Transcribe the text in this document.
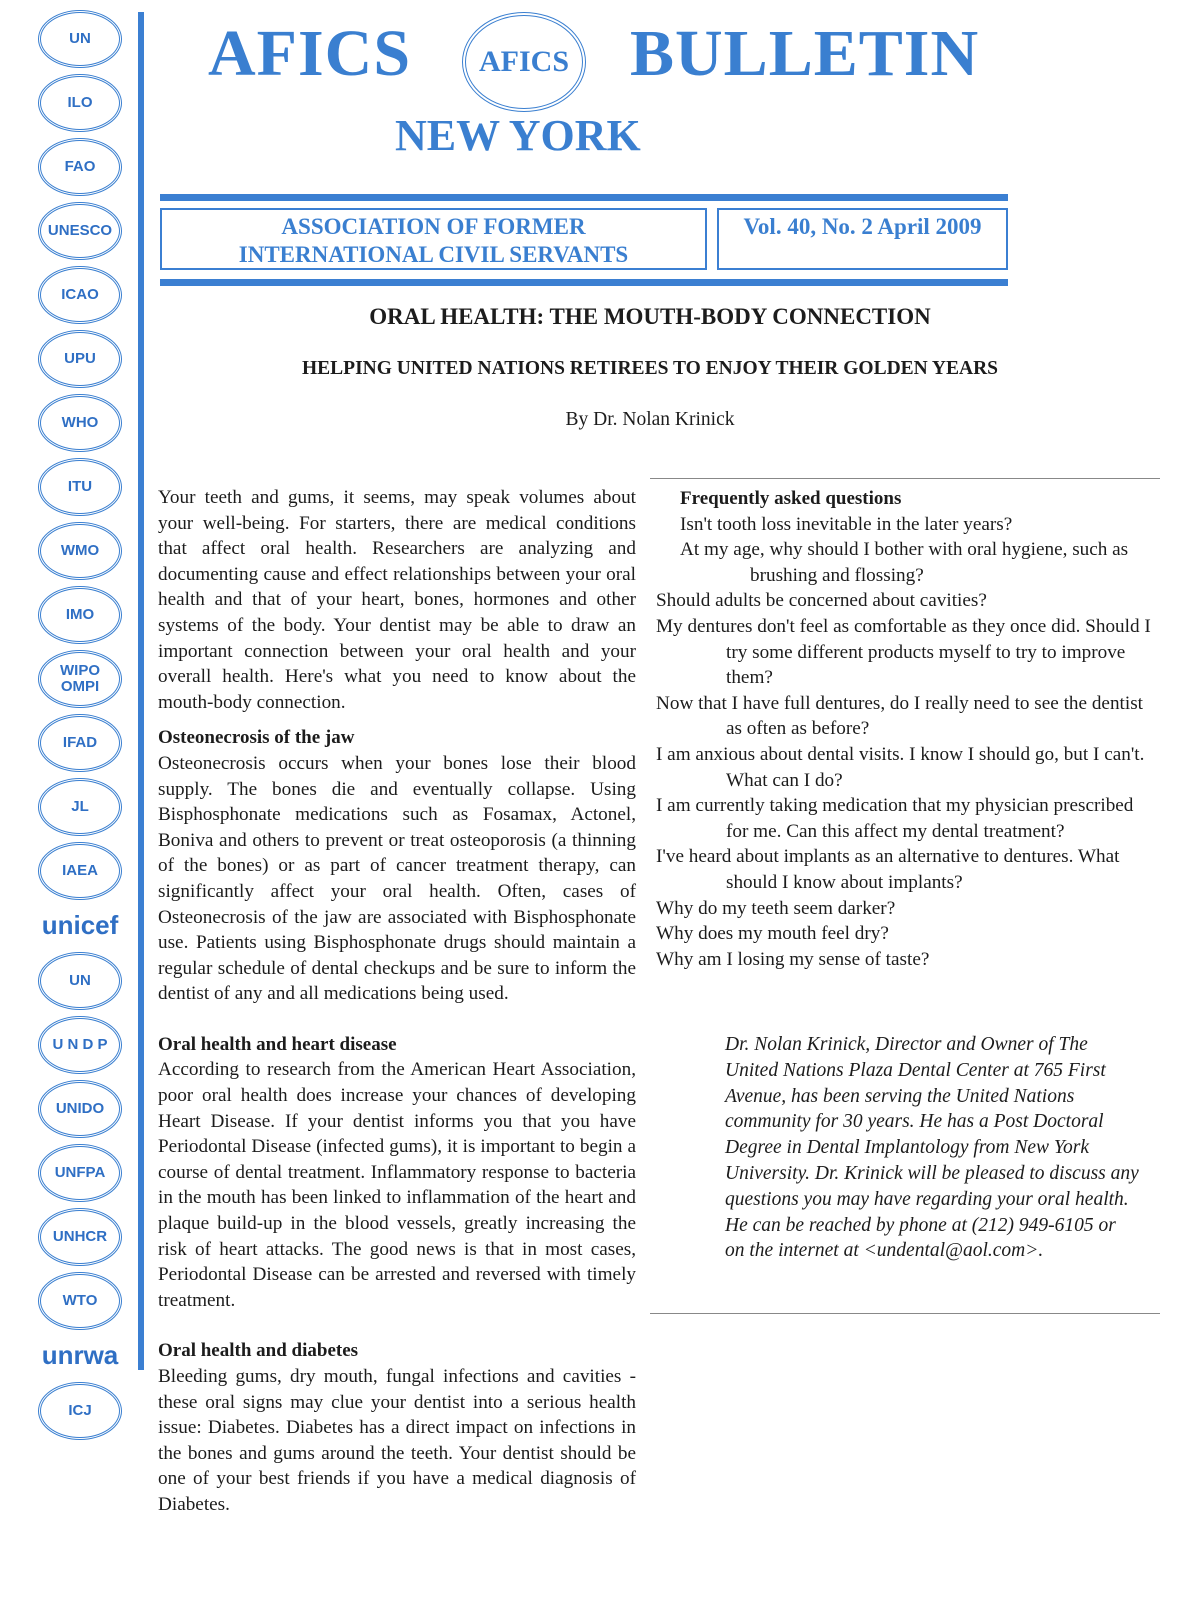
UN
ILO
FAO
UNESCO
ICAO
UPU
WHO
ITU
WMO
IMO
WIPO OMPI
IFAD
JL
IAEA
unicef
UN
U N D P
UNIDO
UNFPA
UNHCR
WTO
unrwa
ICJ
AFICS	AFICS BULLETIN
NEW YORK
ASSOCIATION OF FORMER INTERNATIONAL CIVIL SERVANTS
Vol. 40, No. 2 April 2009
ORAL HEALTH: THE MOUTH-BODY CONNECTION
HELPING UNITED NATIONS RETIREES TO ENJOY THEIR GOLDEN YEARS
By Dr. Nolan Krinick

Your teeth and gums, it seems, may speak volumes about your well-being. For starters, there are medical conditions that affect oral health. Researchers are analyzing and documenting cause and effect relationships between your oral health and that of your heart, bones, hormones and other systems of the body. Your dentist may be able to draw an important connection between your oral health and your overall health. Here's what you need to know about the mouth-body connection.

Osteonecrosis of the jaw

Osteonecrosis occurs when your bones lose their blood supply. The bones die and eventually collapse. Using Bisphosphonate medications such as Fosamax, Actonel, Boniva and others to prevent or treat osteoporosis (a thinning of the bones) or as part of cancer treatment therapy, can significantly affect your oral health. Often, cases of Osteonecrosis of the jaw are associated with Bisphosphonate use. Patients using Bisphosphonate drugs should maintain a regular schedule of dental checkups and be sure to inform the dentist of any and all medications being used.

Oral health and heart disease

According to research from the American Heart Association, poor oral health does increase your chances of developing Heart Disease. If your dentist informs you that you have Periodontal Disease (infected gums), it is important to begin a course of dental treatment. Inflammatory response to bacteria in the mouth has been linked to inflammation of the heart and plaque build-up in the blood vessels, greatly increasing the risk of heart attacks. The good news is that in most cases, Periodontal Disease can be arrested and reversed with timely treatment.

Oral health and diabetes

Bleeding gums, dry mouth, fungal infections and cavities - these oral signs may clue your dentist into a serious health issue: Diabetes. Diabetes has a direct impact on infections in the bones and gums around the teeth. Your dentist should be one of your best friends if you have a medical diagnosis of Diabetes.

Frequently asked questions
Isn't tooth loss inevitable in the later years?
At my age, why should I bother with oral hygiene, such as brushing and flossing?
Should adults be concerned about cavities?
My dentures don't feel as comfortable as they once did. Should I try some different products myself to try to improve them?
Now that I have full dentures, do I really need to see the dentist as often as before?
I am anxious about dental visits. I know I should go, but I can't. What can I do?
I am currently taking medication that my physician prescribed for me. Can this affect my dental treatment?
I've heard about implants as an alternative to dentures. What should I know about implants?
Why do my teeth seem darker?
Why does my mouth feel dry?
Why am I losing my sense of taste?
Dr. Nolan Krinick, Director and Owner of The United Nations Plaza Dental Center at 765 First Avenue, has been serving the United Nations community for 30 years. He has a Post Doctoral Degree in Dental Implantology from New York University. Dr. Krinick will be pleased to discuss any questions you may have regarding your oral health. He can be reached by phone at (212) 949-6105 or on the internet at <undental@aol.com>.
